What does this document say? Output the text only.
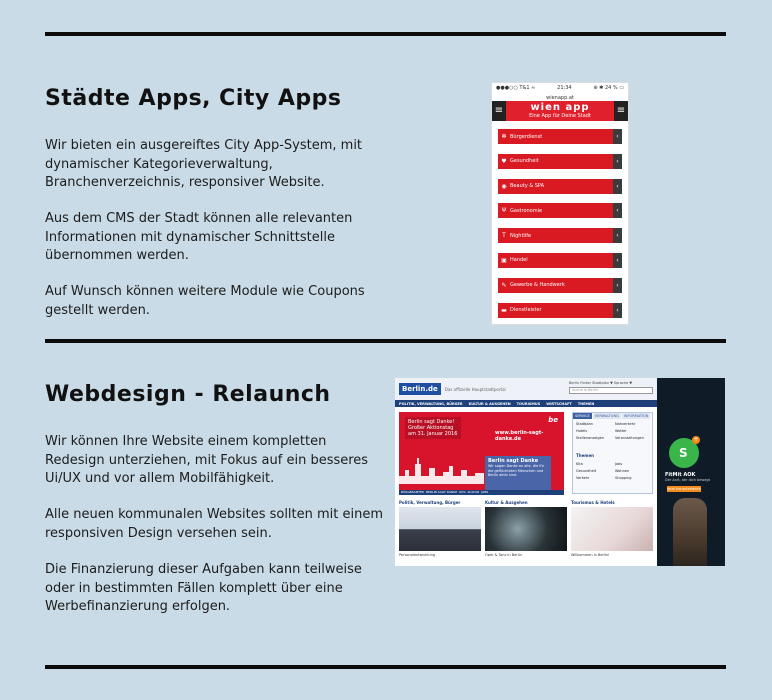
Städte Apps, City Apps

Wir bieten ein ausgereiftes City App-System, mit dynamischer Kategorieverwaltung, Branchenverzeichnis, responsiver Website.

Aus dem CMS der Stadt können alle relevanten Informationen mit dynamischer Schnittstelle übernommen werden.

Auf Wunsch können weitere Module wie Coupons gestellt werden.

●●●○○ T&1 ≈	21:34	⊕ ✱ 24 % ▭
wienapp.at
≡	wien app
Eine App für Deine Stadt	≡
✻ Bürgerdienst	‹
♥ Gesundheit	‹
◉ Beauty & SPA	‹
Ψ Gastronomie	‹
T Nightlife	‹
▣ Handel	‹
✎ Gewerbe & Handwerk	‹
▬ Dienstleister	‹
Webdesign - Relaunch

Wir können Ihre Website einem kompletten Redesign unterziehen, mit Fokus auf ein besseres Ui/UX und vor allem Mobilfähigkeit.

Alle neuen kommunalen Websites sollten mit einem responsiven Design versehen sein.

Die Finanzierung dieser Aufgaben kann teilweise oder in bestimmten Fällen komplett über eine Werbefinanzierung erfolgen.

Berlin.de	Das offizielle Hauptstadtportal
Berlin Finder Stadtplan ▼ Sprache ▼
Suche in Berlin
POLITIK, VERWALTUNG, BÜRGER KULTUR & AUSGEHEN TOURISMUS WIRTSCHAFT THEMEN
Berlin sagt Danke! Großer Aktionstag am 31. Januar 2016
be
www.berlin-sagt-danke.de
Berlin sagt Danke
Wir sagen Danke an alle, die für die geflüchteten Menschen und Berlin aktiv sind.
BÜRGERAMTER BERLIN SAGT DANKE KITA KULTUR JOBS
SERVICE	VERWALTUNG	INFORMATION
Stadtplan
Hotels
Stellenanzeigen
Nahverkehr
Wetter
Veranstaltungen
Themen
Kita
Gesundheit
Verkehr
Jobs
Wohnen
Shopping
Politik, Verwaltung, Bürger
Personalentwicklung
Kultur & Ausgehen
Oper & Tanz in Berlin
Tourismus & Hotels
Willkommen in Berlin!
S
+
FitMit AOK
Der Arzt, der dich bewegt
Jetzt herunterladen
